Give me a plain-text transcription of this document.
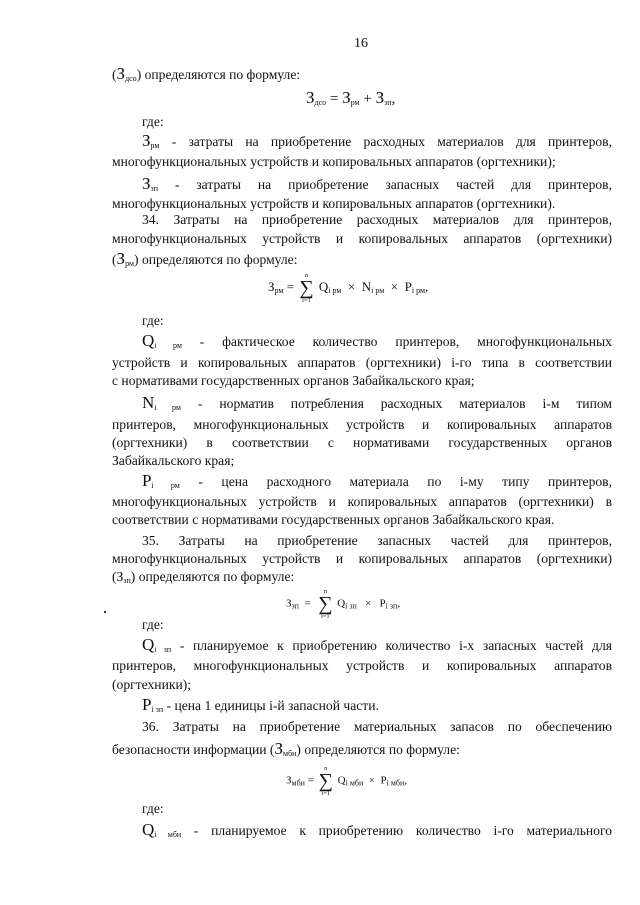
16
$(З_{дсо})$ определяются по формуле:
$З_{дсо} = З_{рм} + З_{зп}$,
где:
$З_{рм}$ - затраты на приобретение расходных материалов для принтеров,
многофункциональных устройств и копировальных аппаратов (оргтехники);
$З_{зп}$ - затраты на приобретение запасных частей для принтеров,
многофункциональных устройств и копировальных аппаратов (оргтехники).
34. Затраты на приобретение расходных материалов для принтеров,
многофункциональных устройств и копировальных аппаратов (оргтехники)
$(З_{рм})$ определяются по формуле:
$З_{рм} = n$
∑
i=1 $Q_{i рм} \times N_{i рм} \times P_{i рм}$,
где:
$Q_{i рм}$ - фактическое количество принтеров, многофункциональных
устройств и копировальных аппаратов (оргтехники) i-го типа в соответствии
с нормативами государственных органов Забайкальского края;
$N_{i рм}$ - норматив потребления расходных материалов i-м типом
принтеров, многофункциональных устройств и копировальных аппаратов
(оргтехники) в соответствии с нормативами государственных органов
Забайкальского края;
$P_{i рм}$ - цена расходного материала по i-му типу принтеров,
многофункциональных устройств и копировальных аппаратов (оргтехники) в
соответствии с нормативами государственных органов Забайкальского края.
35. Затраты на приобретение запасных частей для принтеров,
многофункциональных устройств и копировальных аппаратов (оргтехники)
$(З_{зп})$ определяются по формуле:
$З_{зп} = n$
∑
i=1 $Q_{i зп} \times P_{i зп}$,
где:
$Q_{i зп}$ - планируемое к приобретению количество i-х запасных частей для
принтеров, многофункциональных устройств и копировальных аппаратов
(оргтехники);
$P_{i зп}$ - цена 1 единицы i-й запасной части.
36. Затраты на приобретение материальных запасов по обеспечению
безопасности информации $(З_{мби})$ определяются по формуле:
$З_{мби} = n$
∑
i=1 $Q_{i мби} \times P_{i мби}$,
где:
$Q_{i мби}$ - планируемое к приобретению количество i-го материального
